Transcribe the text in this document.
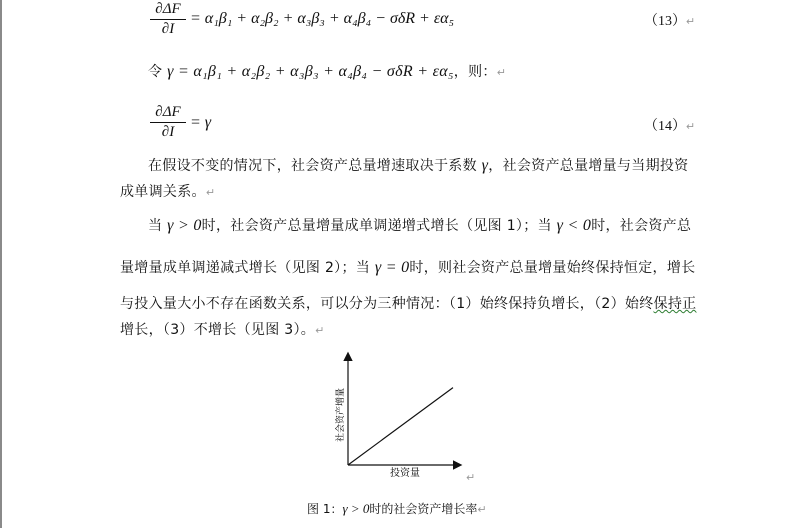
∂ΔF
∂I
= α₁β₁ + α₂β₂ + α₃β₃ + α₄β₄ − σδR + εα₅	（13）↵
令 γ = α₁β₁ + α₂β₂ + α₃β₃ + α₄β₄ − σδR + εα₅，则：↵
∂ΔF
∂I
= γ	（14）↵
在假设不变的情况下，社会资产总量增速取决于系数 γ，社会资产总量增量与当期投资
成单调关系。↵
当 γ > 0时，社会资产总量增量成单调递增式增长（见图 1）；当 γ < 0时，社会资产总
量增量成单调递减式增长（见图 2）；当 γ = 0时，则社会资产总量增量始终保持恒定，增长
与投入量大小不存在函数关系，可以分为三种情况：（1）始终保持负增长，（2）始终保持正
增长，（3）不增长（见图 3）。↵
社会资产增量
投资量	↵
图 1：γ > 0时的社会资产增长率↵
